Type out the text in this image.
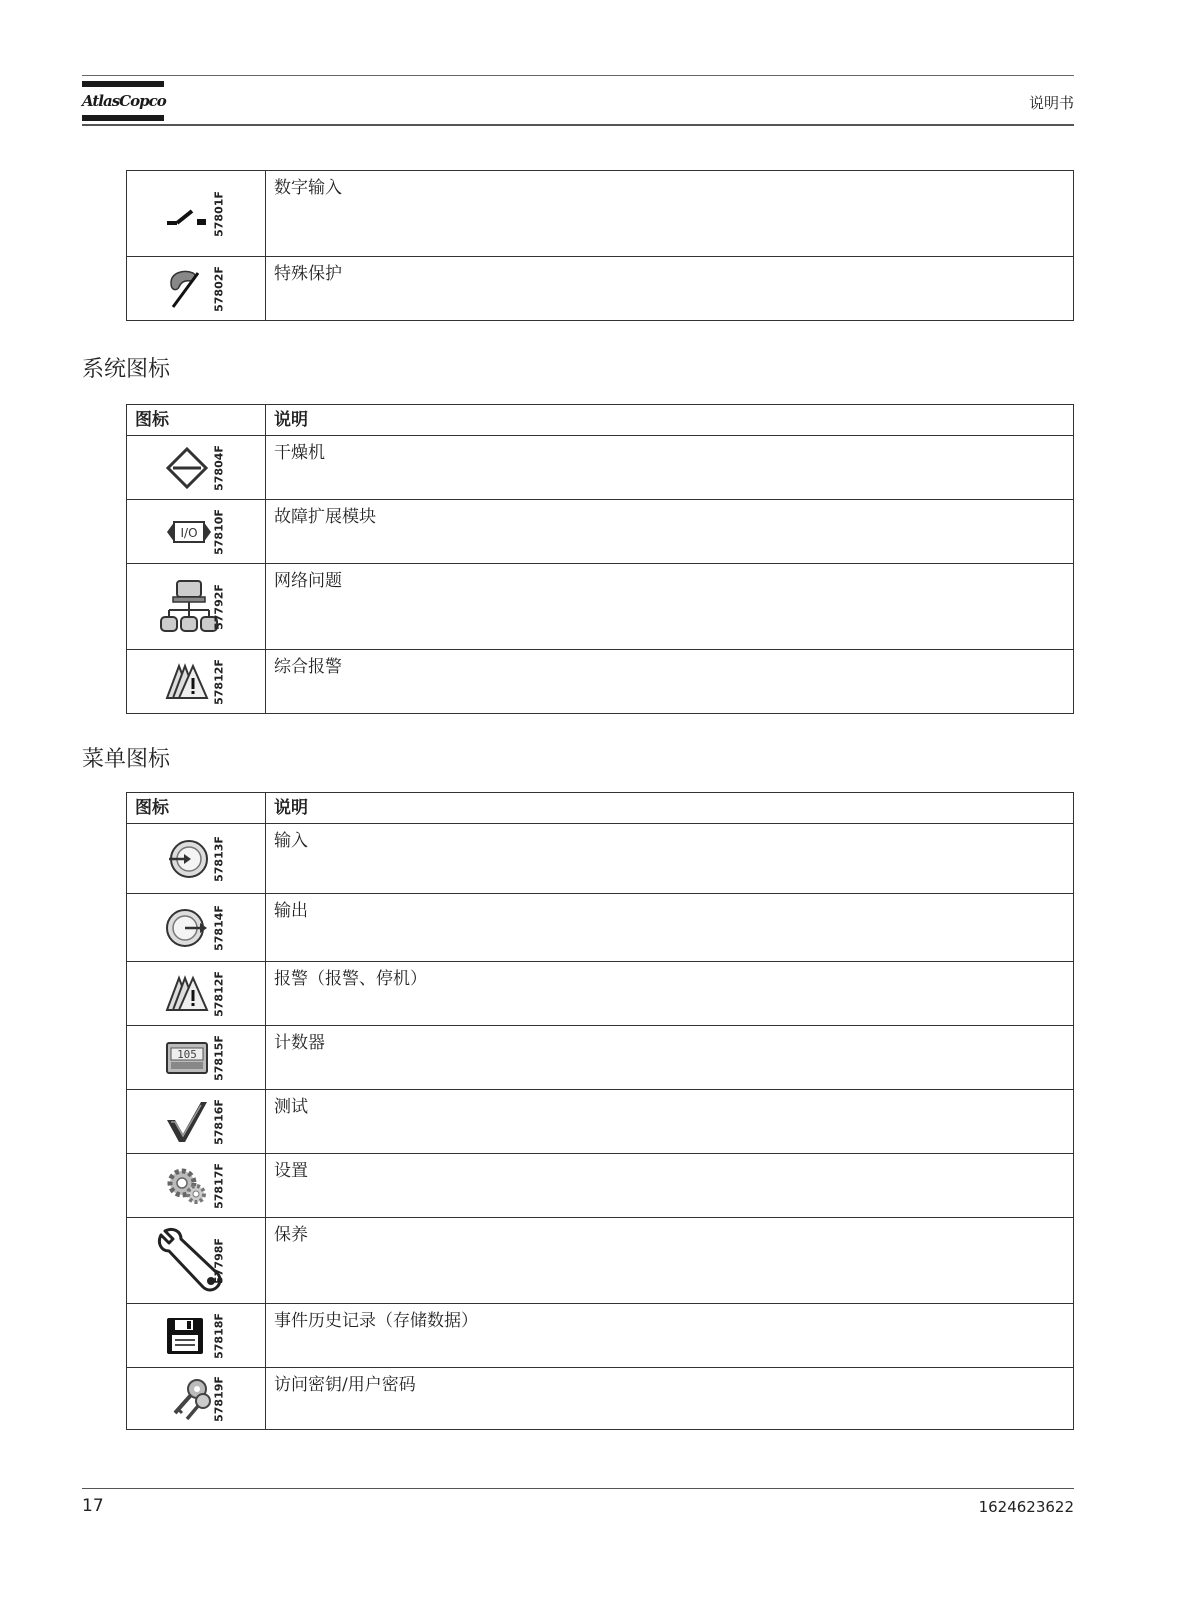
AtlasCopco	说明书
57801F	数字输入

57802F	特殊保护
系统图标
图标	说明

57804F	干燥机

I/O 57810F	故障扩展模块

57792F	网络问题

57812F	综合报警
菜单图标
图标	说明

57813F	输入

57814F	输出

57812F	报警（报警、停机）

105 57815F	计数器

57816F	测试

57817F	设置

57798F	保养

57818F	事件历史记录（存储数据）

57819F	访问密钥/用户密码
17	1624623622
